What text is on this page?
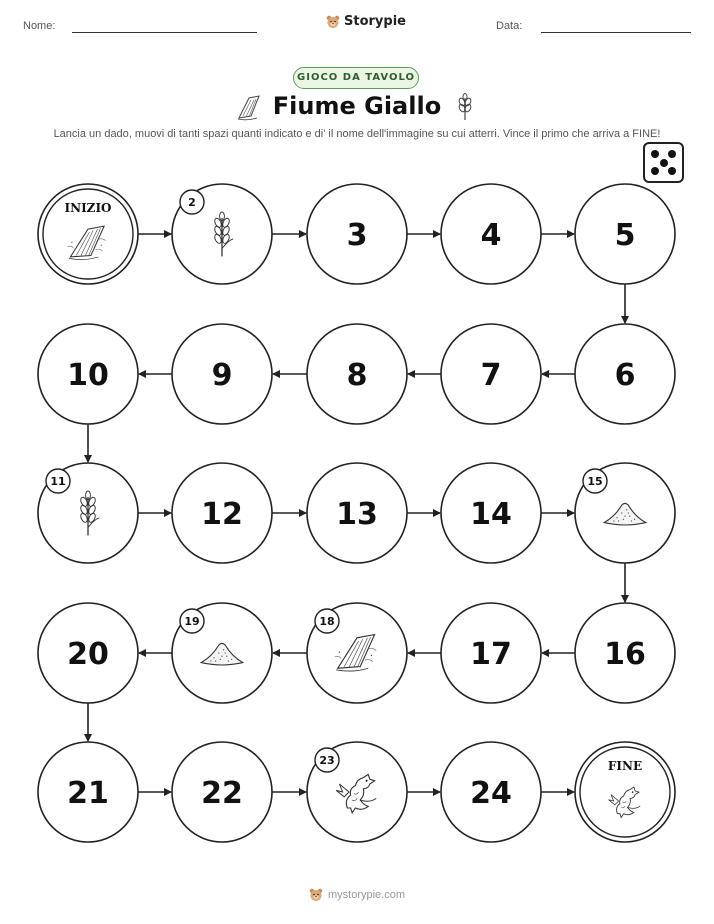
Nome:	Storypie	Data:
GIOCO DA TAVOLO
Fiume Giallo
Lancia un dado, muovi di tanti spazi quanti indicato e di' il nome dell'immagine su cui atterri. Vince il primo che arriva a FINE!
INIZIO	2
3	4	5
6
7
8
9
10
11
12	13	14
15
16
17
18
19
20
21	22
23
24
FINE
mystorypie.com
